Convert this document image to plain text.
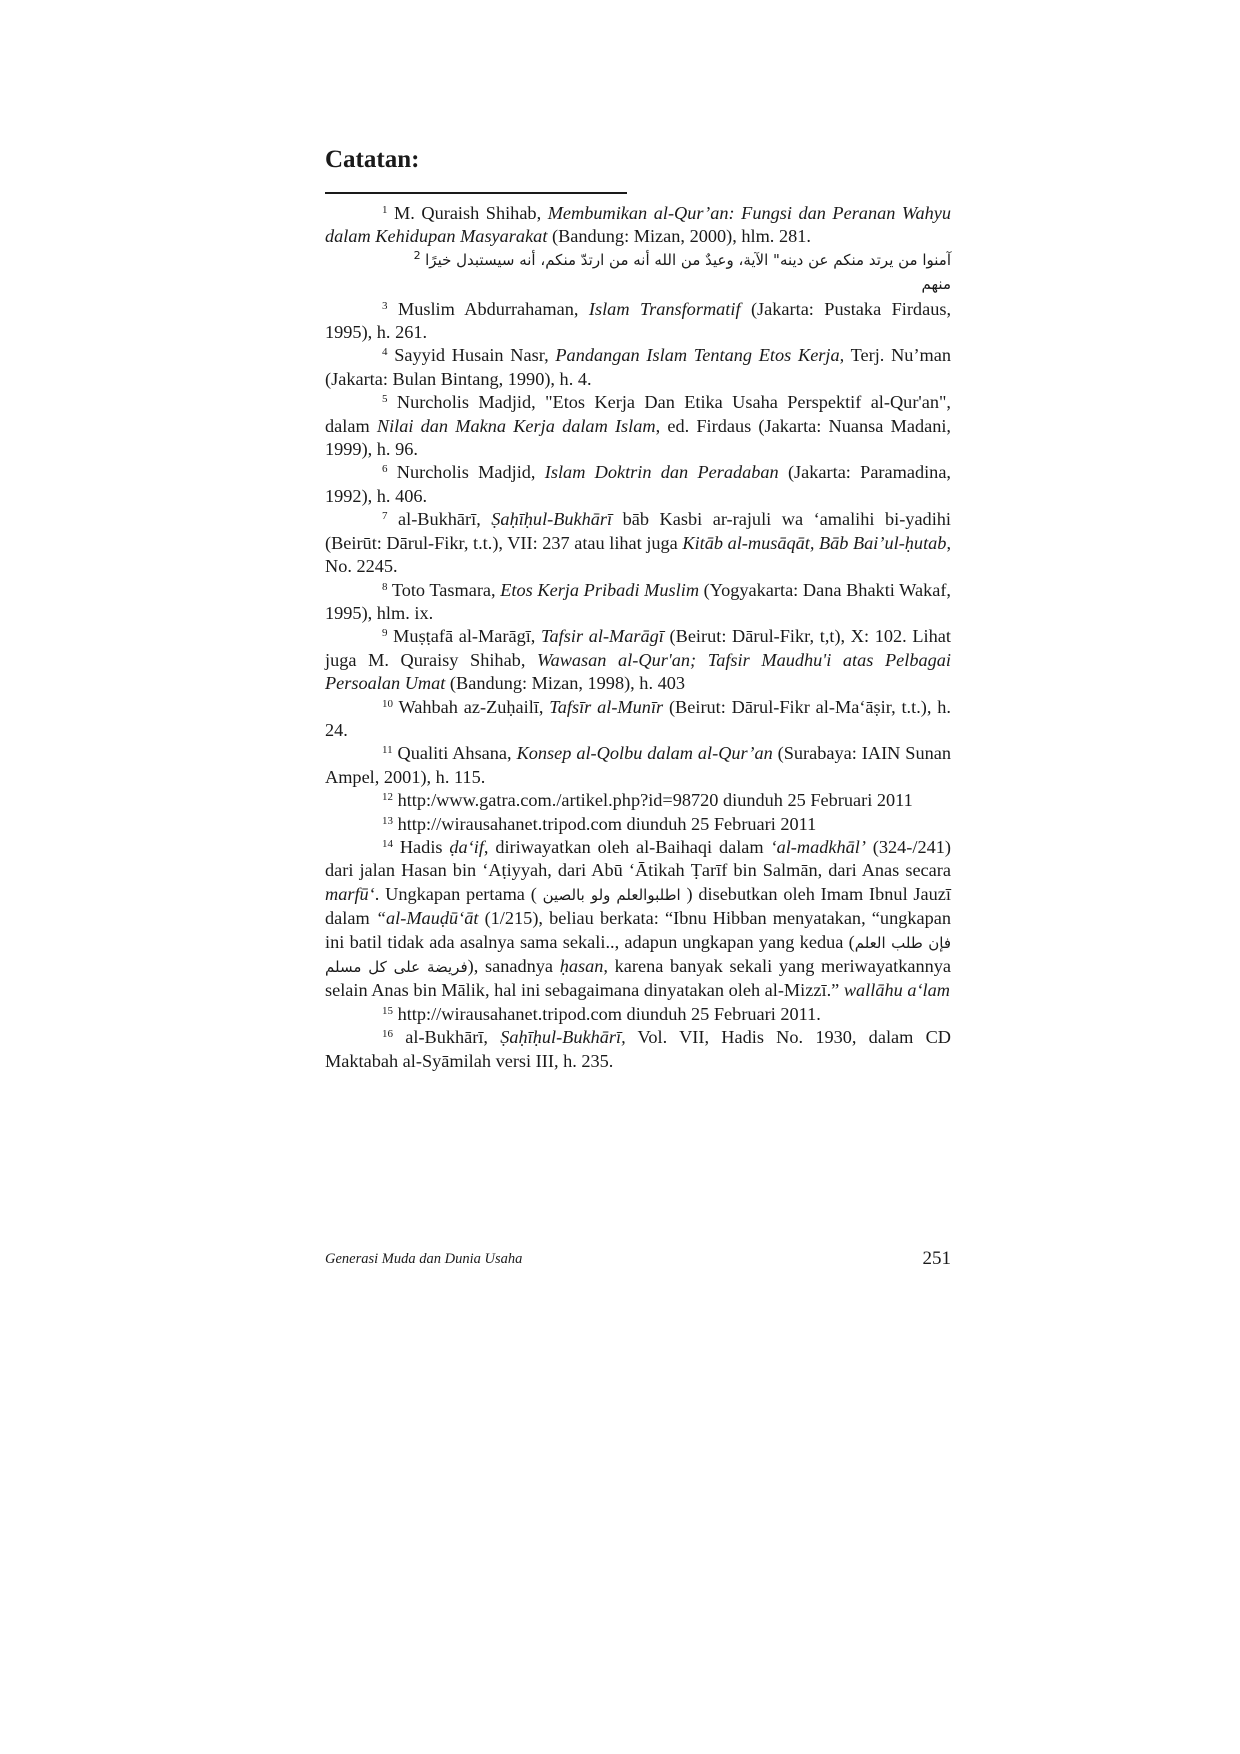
Catatan:

$^1$ M. Quraish Shihab, Membumikan al-Qur’an: Fungsi dan Peranan Wahyu dalam Kehidupan Masyarakat (Bandung: Mizan, 2000), hlm. 281.

$^2$ آمنوا من يرتد منكم عن دينه" الآية، وعيدٌ من الله أنه من ارتدّ منكم، أنه سيستبدل خيرًا منهم

$^3$ Muslim Abdurrahaman, Islam Transformatif (Jakarta: Pustaka Firdaus, 1995), h. 261.

$^4$ Sayyid Husain Nasr, Pandangan Islam Tentang Etos Kerja, Terj. Nu’man (Jakarta: Bulan Bintang, 1990), h. 4.

$^5$ Nurcholis Madjid, "Etos Kerja Dan Etika Usaha Perspektif al-Qur'an", dalam Nilai dan Makna Kerja dalam Islam, ed. Firdaus (Jakarta: Nuansa Madani, 1999), h. 96.

$^6$ Nurcholis Madjid, Islam Doktrin dan Peradaban (Jakarta: Paramadina, 1992), h. 406.

$^7$ al-Bukhārī, Ṣaḥīḥul-Bukhārī bāb Kasbi ar-rajuli wa ‘amalihi bi-yadihi (Beirūt: Dārul-Fikr, t.t.), VII: 237 atau lihat juga Kitāb al-musāqāt, Bāb Bai’ul-ḥutab, No. 2245.

$^8$ Toto Tasmara, Etos Kerja Pribadi Muslim (Yogyakarta: Dana Bhakti Wakaf, 1995), hlm. ix.

$^9$ Muṣṭafā al-Marāgī, Tafsir al-Marāgī (Beirut: Dārul-Fikr, t,t), X: 102. Lihat juga M. Quraisy Shihab, Wawasan al-Qur'an; Tafsir Maudhu'i atas Pelbagai Persoalan Umat (Bandung: Mizan, 1998), h. 403

$^{10}$ Wahbah az-Zuḥailī, Tafsīr al-Munīr (Beirut: Dārul-Fikr al-Ma‘āṣir, t.t.), h. 24.

$^{11}$ Qualiti Ahsana, Konsep al-Qolbu dalam al-Qur’an (Surabaya: IAIN Sunan Ampel, 2001), h. 115.

$^{12}$ http:/www.gatra.com./artikel.php?id=98720 diunduh 25 Februari 2011

$^{13}$ http://wirausahanet.tripod.com diunduh 25 Februari 2011

$^{14}$ Hadis ḍa‘if, diriwayatkan oleh al-Baihaqi dalam ‘al-madkhāl’ (324-/241) dari jalan Hasan bin ‘Aṭiyyah, dari Abū ‘Ātikah Ṭarīf bin Salmān, dari Anas secara marfū‘. Ungkapan pertama ( اطلبوالعلم ولو بالصين ) disebutkan oleh Imam Ibnul Jauzī dalam “al-Mauḍū‘āt (1/215), beliau berkata: “Ibnu Hibban menyatakan, “ungkapan ini batil tidak ada asalnya sama sekali.., adapun ungkapan yang kedua (فإن طلب العلم فريضة على كل مسلم), sanadnya ḥasan, karena banyak sekali yang meriwayatkannya selain Anas bin Mālik, hal ini sebagaimana dinyatakan oleh al-Mizzī.” wallāhu a‘lam

$^{15}$ http://wirausahanet.tripod.com diunduh 25 Februari 2011.

$^{16}$ al-Bukhārī, Ṣaḥīḥul-Bukhārī, Vol. VII, Hadis No. 1930, dalam CD Maktabah al-Syāmilah versi III, h. 235.

Generasi Muda dan Dunia Usaha	251
